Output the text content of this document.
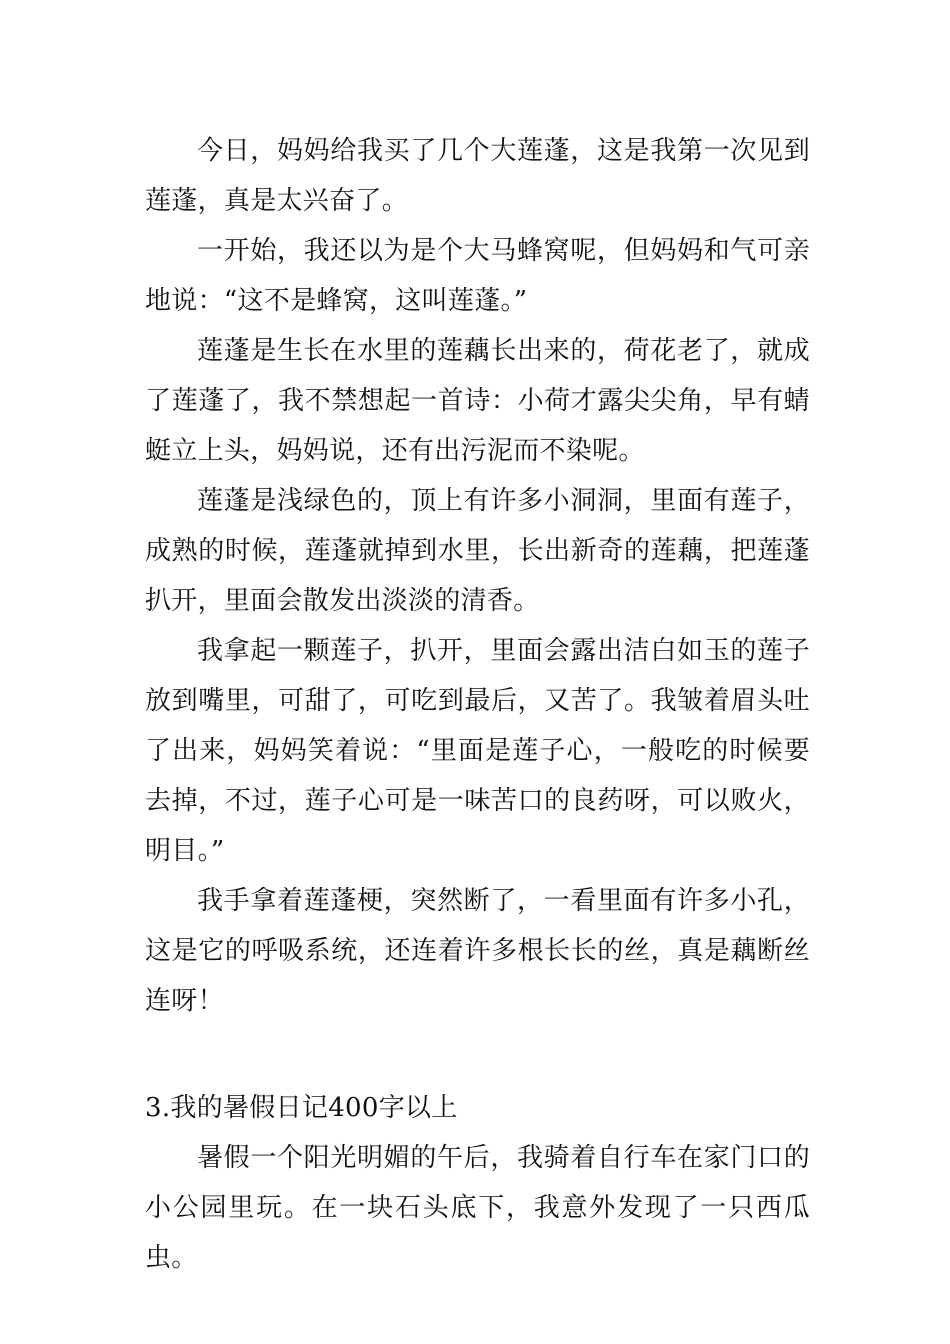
今日，妈妈给我买了几个大莲蓬，这是我第一次见到莲蓬，真是太兴奋了。

一开始，我还以为是个大马蜂窝呢，但妈妈和气可亲地说：“这不是蜂窝，这叫莲蓬。”

莲蓬是生长在水里的莲藕长出来的，荷花老了，就成了莲蓬了，我不禁想起一首诗：小荷才露尖尖角，早有蜻蜓立上头，妈妈说，还有出污泥而不染呢。

莲蓬是浅绿色的，顶上有许多小洞洞，里面有莲子，成熟的时候，莲蓬就掉到水里，长出新奇的莲藕，把莲蓬扒开，里面会散发出淡淡的清香。

我拿起一颗莲子，扒开，里面会露出洁白如玉的莲子放到嘴里，可甜了，可吃到最后，又苦了。我皱着眉头吐了出来，妈妈笑着说：“里面是莲子心，一般吃的时候要去掉，不过，莲子心可是一味苦口的良药呀，可以败火，明目。”

我手拿着莲蓬梗，突然断了，一看里面有许多小孔，这是它的呼吸系统，还连着许多根长长的丝，真是藕断丝连呀！

3.我的暑假日记400字以上

暑假一个阳光明媚的午后，我骑着自行车在家门口的小公园里玩。在一块石头底下，我意外发现了一只西瓜虫。
